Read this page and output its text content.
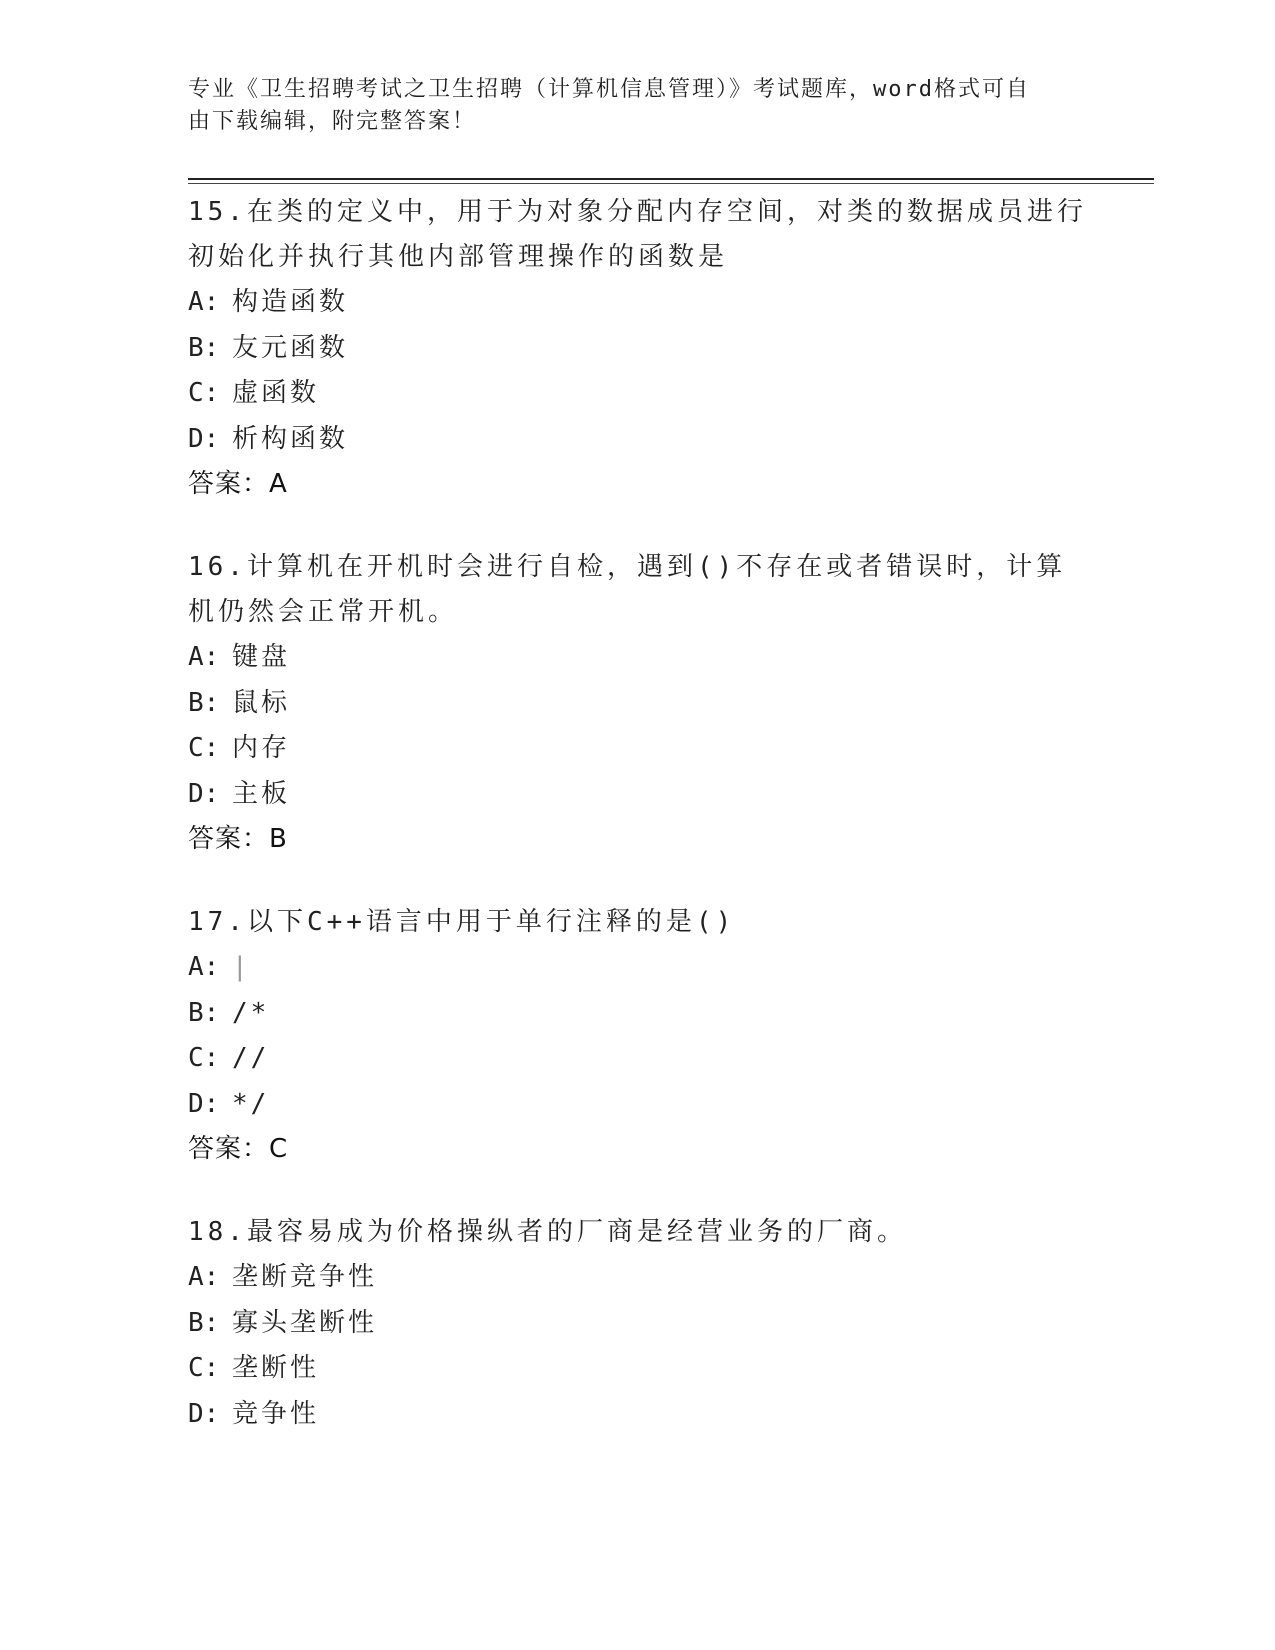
专业《卫生招聘考试之卫生招聘（计算机信息管理）》考试题库，word格式可自
由下载编辑，附完整答案！

15.在类的定义中，用于为对象分配内存空间，对类的数据成员进行初始化并执行其他内部管理操作的函数是

A: 构造函数

B: 友元函数

C: 虚函数

D: 析构函数

答案：A

16.计算机在开机时会进行自检，遇到()不存在或者错误时，计算机仍然会正常开机。

A: 键盘

B: 鼠标

C: 内存

D: 主板

答案：B

17.以下C++语言中用于单行注释的是()

A: |

B: /*

C: //

D: */

答案：C

18.最容易成为价格操纵者的厂商是经营业务的厂商。

A: 垄断竞争性

B: 寡头垄断性

C: 垄断性

D: 竞争性
